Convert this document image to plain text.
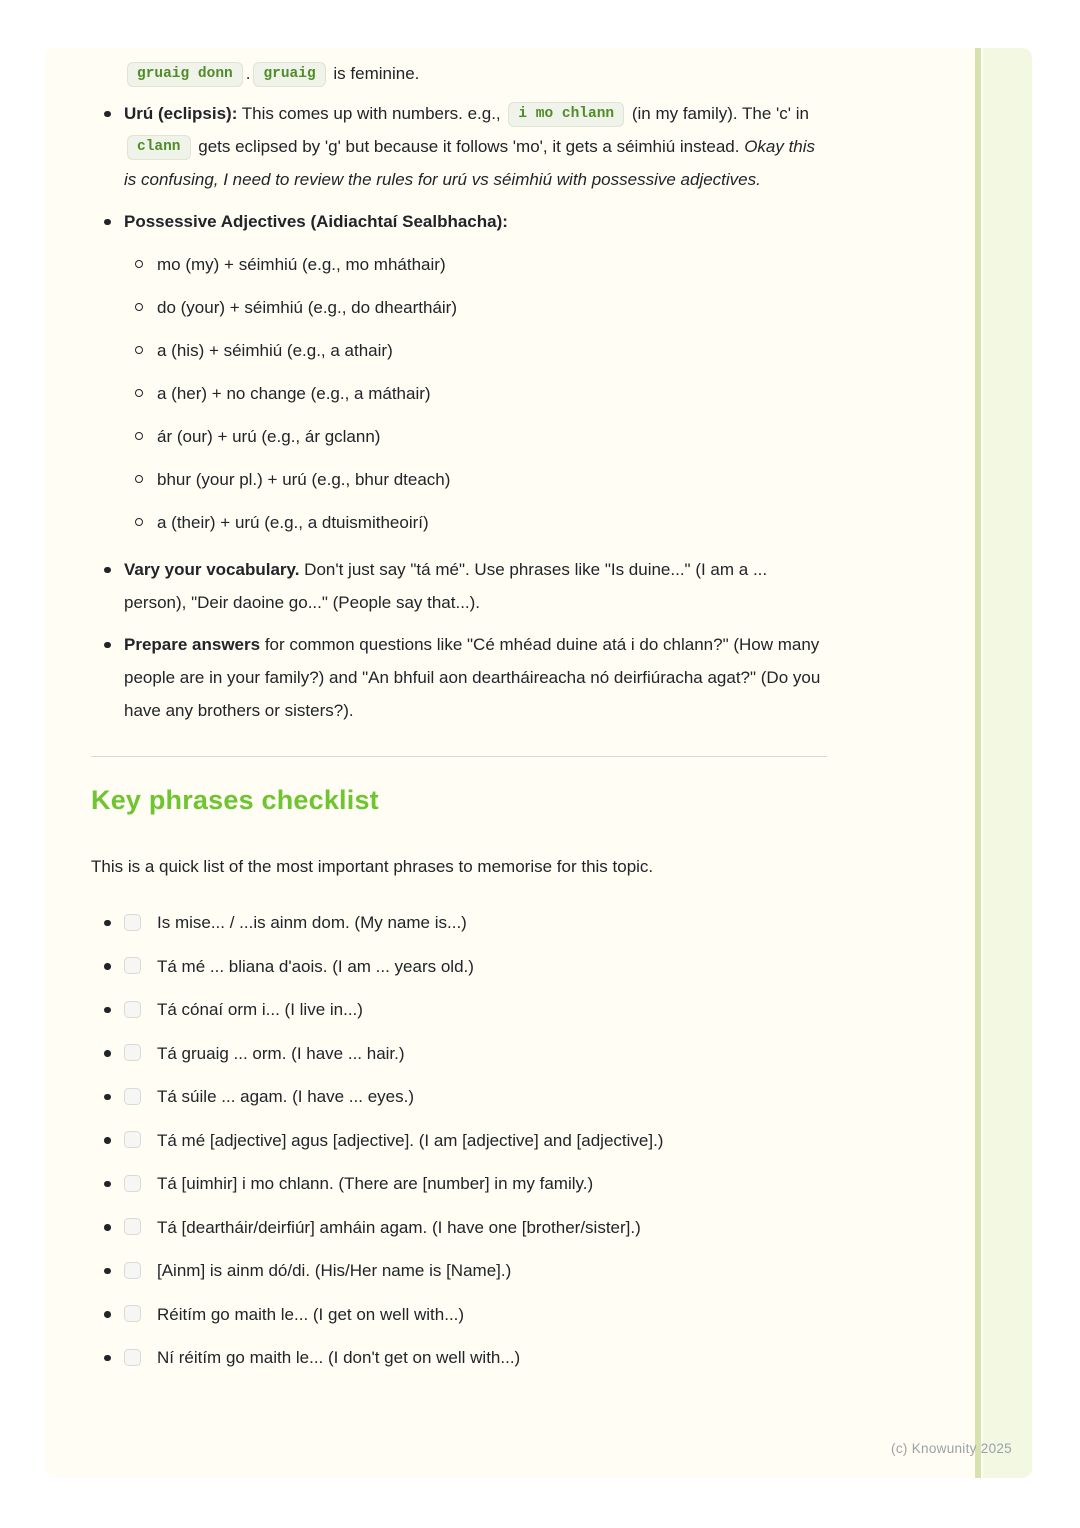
gruaig donn . gruaig is feminine.
Urú (eclipsis): This comes up with numbers. e.g., i mo chlann (in my family). The 'c' in clann gets eclipsed by 'g' but because it follows 'mo', it gets a séimhiú instead. Okay this is confusing, I need to review the rules for urú vs séimhiú with possessive adjectives.
Possessive Adjectives (Aidiachtaí Sealbhacha):
mo (my) + séimhiú (e.g., mo mháthair)
do (your) + séimhiú (e.g., do dheartháir)
a (his) + séimhiú (e.g., a athair)
a (her) + no change (e.g., a máthair)
ár (our) + urú (e.g., ár gclann)
bhur (your pl.) + urú (e.g., bhur dteach)
a (their) + urú (e.g., a dtuismitheoirí)
Vary your vocabulary. Don't just say "tá mé". Use phrases like "Is duine..." (I am a ... person), "Deir daoine go..." (People say that...).
Prepare answers for common questions like "Cé mhéad duine atá i do chlann?" (How many people are in your family?) and "An bhfuil aon deartháireacha nó deirfiúracha agat?" (Do you have any brothers or sisters?).
Key phrases checklist

This is a quick list of the most important phrases to memorise for this topic.

Is mise... / ...is ainm dom. (My name is...)
Tá mé ... bliana d'aois. (I am ... years old.)
Tá cónaí orm i... (I live in...)
Tá gruaig ... orm. (I have ... hair.)
Tá súile ... agam. (I have ... eyes.)
Tá mé [adjective] agus [adjective]. (I am [adjective] and [adjective].)
Tá [uimhir] i mo chlann. (There are [number] in my family.)
Tá [deartháir/deirfiúr] amháin agam. (I have one [brother/sister].)
[Ainm] is ainm dó/di. (His/Her name is [Name].)
Réitím go maith le... (I get on well with...)
Ní réitím go maith le... (I don't get on well with...)
(c) Knowunity 2025
